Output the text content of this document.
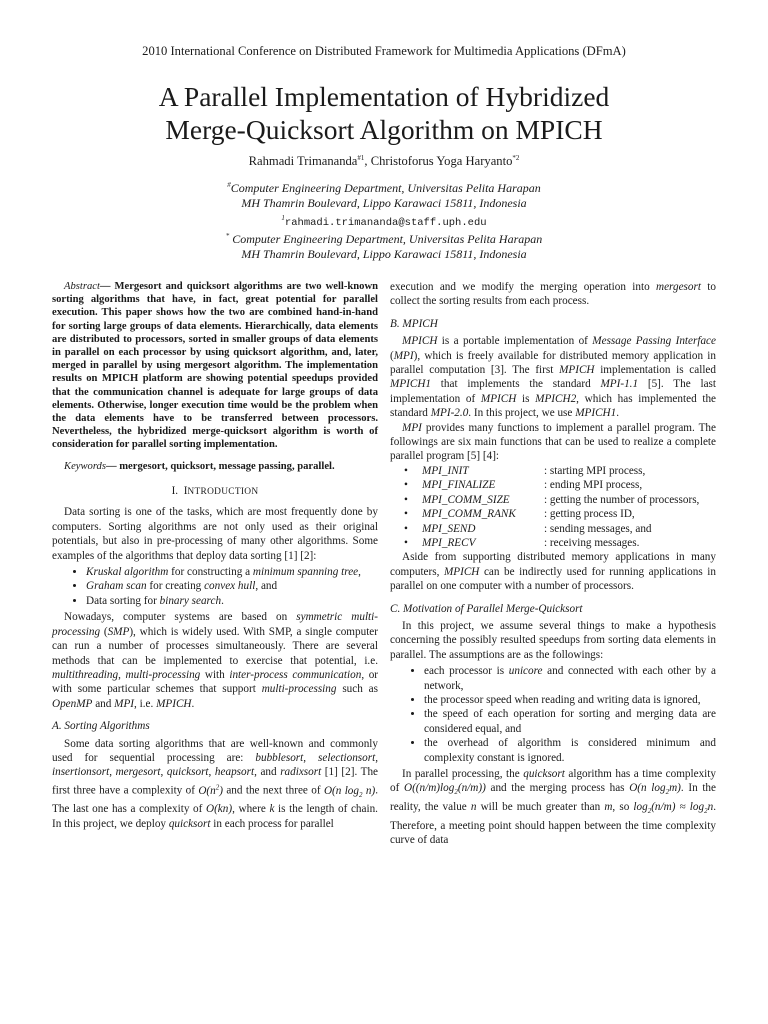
2010 International Conference on Distributed Framework for Multimedia Applications (DFmA)
A Parallel Implementation of Hybridized
Merge-Quicksort Algorithm on MPICH
Rahmadi Trimananda$^{\#1}$, Christoforus Yoga Haryanto$^{*2}$
#Computer Engineering Department, Universitas Pelita Harapan
MH Thamrin Boulevard, Lippo Karawaci 15811, Indonesia
$^1$rahmadi.trimananda@staff.uph.edu
* Computer Engineering Department, Universitas Pelita Harapan
MH Thamrin Boulevard, Lippo Karawaci 15811, Indonesia

Abstract— Mergesort and quicksort algorithms are two well-known sorting algorithms that have, in fact, great potential for parallel execution. This paper shows how the two are combined hand-in-hand for sorting large groups of data elements. Hierarchically, data elements are distributed to processors, sorted in smaller groups of data elements in parallel on each processor by using quicksort algorithm, and, later, merged in parallel by using mergesort algorithm. The implementation results on MPICH platform are showing potential speedups provided that the communication channel is adequate for large groups of data elements. Otherwise, longer execution time would be the problem when the data elements have to be transferred between processors. Nevertheless, the hybridized merge-quicksort algorithm is worth of consideration for parallel sorting implementation.

Keywords— mergesort, quicksort, message passing, parallel.

I. INTRODUCTION

Data sorting is one of the tasks, which are most frequently done by computers. Sorting algorithms are not only used as their original potentials, but also in pre-processing of many other algorithms. Some examples of the algorithms that deploy data sorting [1] [2]:

• Kruskal algorithm for constructing a minimum spanning tree,
• Graham scan for creating convex hull, and
• Data sorting for binary search.

Nowadays, computer systems are based on symmetric multi-processing (SMP), which is widely used. With SMP, a single computer can run a number of processes simultaneously. There are several methods that can be implemented to exercise that potential, i.e. multithreading, multi-processing with inter-process communication, or with some particular schemes that support multi-processing such as OpenMP and MPI, i.e. MPICH.

A. Sorting Algorithms

Some data sorting algorithms that are well-known and commonly used for sequential processing are: bubblesort, selectionsort, insertionsort, mergesort, quicksort, heapsort, and radixsort [1] [2]. The first three have a complexity of $O(n^2)$ and the next three of O(n $\log_2 n$). The last one has a complexity of O(kn), where k is the length of chain. In this project, we deploy quicksort in each process for parallel

execution and we modify the merging operation into mergesort to collect the sorting results from each process.

B. MPICH

MPICH is a portable implementation of Message Passing Interface (MPI), which is freely available for distributed memory application in parallel computation [3]. The first MPICH implementation is called MPICH1 that implements the standard MPI-1.1 [5]. The last implementation of MPICH is MPICH2, which has implemented the standard MPI-2.0. In this project, we use MPICH1.

MPI provides many functions to implement a parallel program. The followings are six main functions that can be used to realize a complete parallel program [5] [4]:

•	MPI_INIT	: starting MPI process,
•	MPI_FINALIZE	: ending MPI process,
•	MPI_COMM_SIZE	: getting the number of processors,
•	MPI_COMM_RANK	: getting process ID,
•	MPI_SEND	: sending messages, and
•	MPI_RECV	: receiving messages.

Aside from supporting distributed memory applications in many computers, MPICH can be indirectly used for running applications in parallel on one computer with a number of processors.

C. Motivation of Parallel Merge-Quicksort

In this project, we assume several things to make a hypothesis concerning the possibly resulted speedups from sorting data elements in parallel. The assumptions are as the followings:

• each processor is unicore and connected with each other by a network,
• the processor speed when reading and writing data is ignored,
• the speed of each operation for sorting and merging data are considered equal, and
• the overhead of algorithm is considered minimum and complexity constant is ignored.

In parallel processing, the quicksort algorithm has a time complexity of $O((n/m)\log_2(n/m))$ and the merging process has O(n $\log_2m$). In the reality, the value n will be much greater than m, so $\log_2(n/m) \approx \log_2n$. Therefore, a meeting point should happen between the time complexity curve of data
